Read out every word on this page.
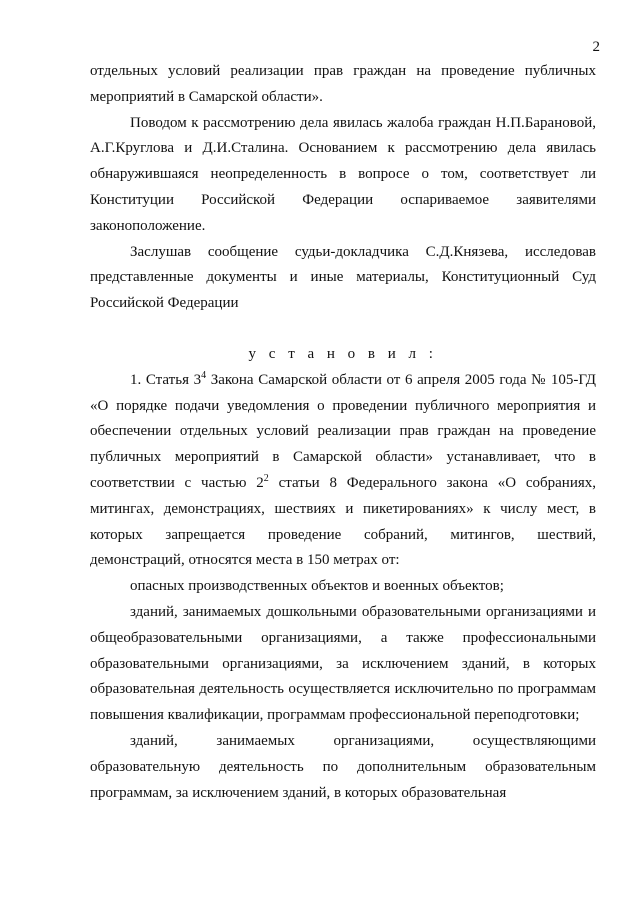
2

отдельных условий реализации прав граждан на проведение публичных мероприятий в Самарской области».

Поводом к рассмотрению дела явилась жалоба граждан Н.П.Барановой, А.Г.Круглова и Д.И.Сталина. Основанием к рассмотрению дела явилась обнаружившаяся неопределенность в вопросе о том, соответствует ли Конституции Российской Федерации оспариваемое заявителями законоположение.

Заслушав сообщение судьи-докладчика С.Д.Князева, исследовав представленные документы и иные материалы, Конституционный Суд Российской Федерации

у с т а н о в и л :

1. Статья $3^4$ Закона Самарской области от 6 апреля 2005 года № 105-ГД «О порядке подачи уведомления о проведении публичного мероприятия и обеспечении отдельных условий реализации прав граждан на проведение публичных мероприятий в Самарской области» устанавливает, что в соответствии с частью $2^2$ статьи 8 Федерального закона «О собраниях, митингах, демонстрациях, шествиях и пикетированиях» к числу мест, в которых запрещается проведение собраний, митингов, шествий, демонстраций, относятся места в 150 метрах от:

опасных производственных объектов и военных объектов;

зданий, занимаемых дошкольными образовательными организациями и общеобразовательными организациями, а также профессиональными образовательными организациями, за исключением зданий, в которых образовательная деятельность осуществляется исключительно по программам повышения квалификации, программам профессиональной переподготовки;

зданий, занимаемых организациями, осуществляющими образовательную деятельность по дополнительным образовательным программам, за исключением зданий, в которых образовательная
